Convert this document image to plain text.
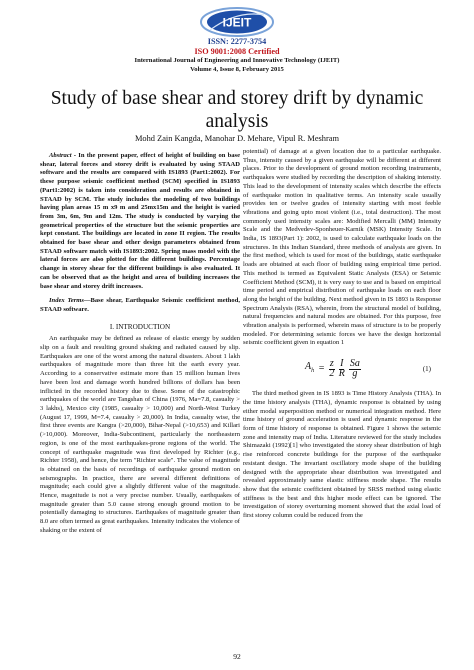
IJEIT
ISSN: 2277-3754
ISO 9001:2008 Certified
International Journal of Engineering and Innovative Technology (IJEIT)
Volume 4, Issue 8, February 2015
Study of base shear and storey drift by dynamic
analysis
Mohd Zain Kangda, Manohar D. Mehare, Vipul R. Meshram

Abstract - In the present paper, effect of height of building on base shear, lateral forces and storey drift is evaluated by using STAAD software and the results are compared with IS1893 (Part1:2002). For these purpose seismic coefficient method (SCM) specified in IS1893 (Part1:2002) is taken into consideration and results are obtained in STAAD by SCM. The study includes the modeling of two buildings having plan areas 15 m x9 m and 25mx15m and the height is varied from 3m, 6m, 9m and 12m. The study is conducted by varying the geometrical properties of the structure but the seismic properties are kept constant. The buildings are located in zone II region. The results obtained for base shear and other design parameters obtained from STAAD software match with IS1893:2002. Spring mass model with the lateral forces are also plotted for the different buildings. Percentage change in storey shear for the different buildings is also evaluated. It can be observed that as the height and area of building increases the base shear and storey drift increases.

Index Terms—Base shear, Earthquake Seismic coefficient method, STAAD software.

I. INTRODUCTION

An earthquake may be defined as release of elastic energy by sudden slip on a fault and resulting ground shaking and radiated caused by slip. Earthquakes are one of the worst among the natural disasters. About 1 lakh earthquakes of magnitude more than three hit the earth every year. According to a conservative estimate more than 15 million human lives have been lost and damage worth hundred billions of dollars has been inflicted in the recorded history due to these. Some of the catastrophic earthquakes of the world are Tangshan of China (1976, Ma=7.8, casualty > 3 lakhs), Mexico city (1985, casualty > 10,000) and North-West Turkey (August 17, 1999, M=7.4, casualty > 20,000). In India, casualty wise, the first three events are Kangra (>20,000), Bihar-Nepal (>10,653) and Killari (>10,000). Moreover, India-Subcontinent, particularly the northeastern region, is one of the most earthquakes-prone regions of the world. The concept of earthquake magnitude was first developed by Richter (e.g., Richter 1958), and hence, the term "Richter scale". The value of magnitude is obtained on the basis of recordings of earthquake ground motion on seismographs. In practice, there are several different definitions of magnitude; each could give a slightly different value of the magnitude. Hence, magnitude is not a very precise number. Usually, earthquakes of magnitude greater than 5.0 cause strong enough ground motion to be potentially damaging to structures. Earthquakes of magnitude greater than 8.0 are often termed as great earthquakes. Intensity indicates the violence of shaking or the extent of

potential) of damage at a given location due to a particular earthquake. Thus, intensity caused by a given earthquake will be different at different places. Prior to the development of ground motion recording instruments, earthquakes were studied by recording the description of shaking intensity. This lead to the development of intensity scales which describe the effects of earthquake motion in qualitative terms. An intensity scale usually provides ten or twelve grades of intensity starting with most feeble vibrations and going upto most violent (i.e., total destruction). The most commonly used intensity scales are: Modified Mercalli (MM) Intensity Scale and the Medvedev-Sponheuer-Karnik (MSK) Intensity Scale. In India, IS 1893(Part 1): 2002, is used to calculate earthquake loads on the structures. In this Indian Standard, three methods of analysis are given. In the first method, which is used for most of the buildings, static earthquake loads are obtained at each floor of building using empirical time period. This method is termed as Equivalent Static Analysis (ESA) or Seismic Coefficient Method (SCM), it is very easy to use and is based on empirical time period and empirical distribution of earthquake loads on each floor along the height of the building. Next method given in IS 1893 is Response Spectrum Analysis (RSA), wherein, from the structural model of building, natural frequencies and natural modes are obtained. For this purpose, free vibration analysis is performed, wherein mass of structure is to be properly modeled. For determining seismic forces we have the design horizontal seismic coefficient given in equation 1

$A_h = \frac{z}{2} \frac{I}{R} \frac{Sa}{g}$	(1)

The third method given in IS 1893 is Time History Analysis (THA). In the time history analysis (THA), dynamic response is obtained by using either modal superposition method or numerical integration method. Here time history of ground acceleration is used and dynamic response in the form of time history of response is obtained. Figure 1 shows the seismic zone and intensity map of India. Literature reviewed for the study includes Shimazaki (1992)[1] who investigated the storey shear distribution of high rise reinforced concrete buildings for the purpose of the earthquake resistant design. The invariant oscillatory mode shape of the building designed with the appropriate shear distribution was investigated and revealed approximately same elastic stiffness mode shape. The results show that the seismic coefficient obtained by SRSS method using elastic stiffness is the best and this higher mode effect can be ignored. The investigation of storey overturning moment showed that the axial load of first storey column could be reduced from the

92
